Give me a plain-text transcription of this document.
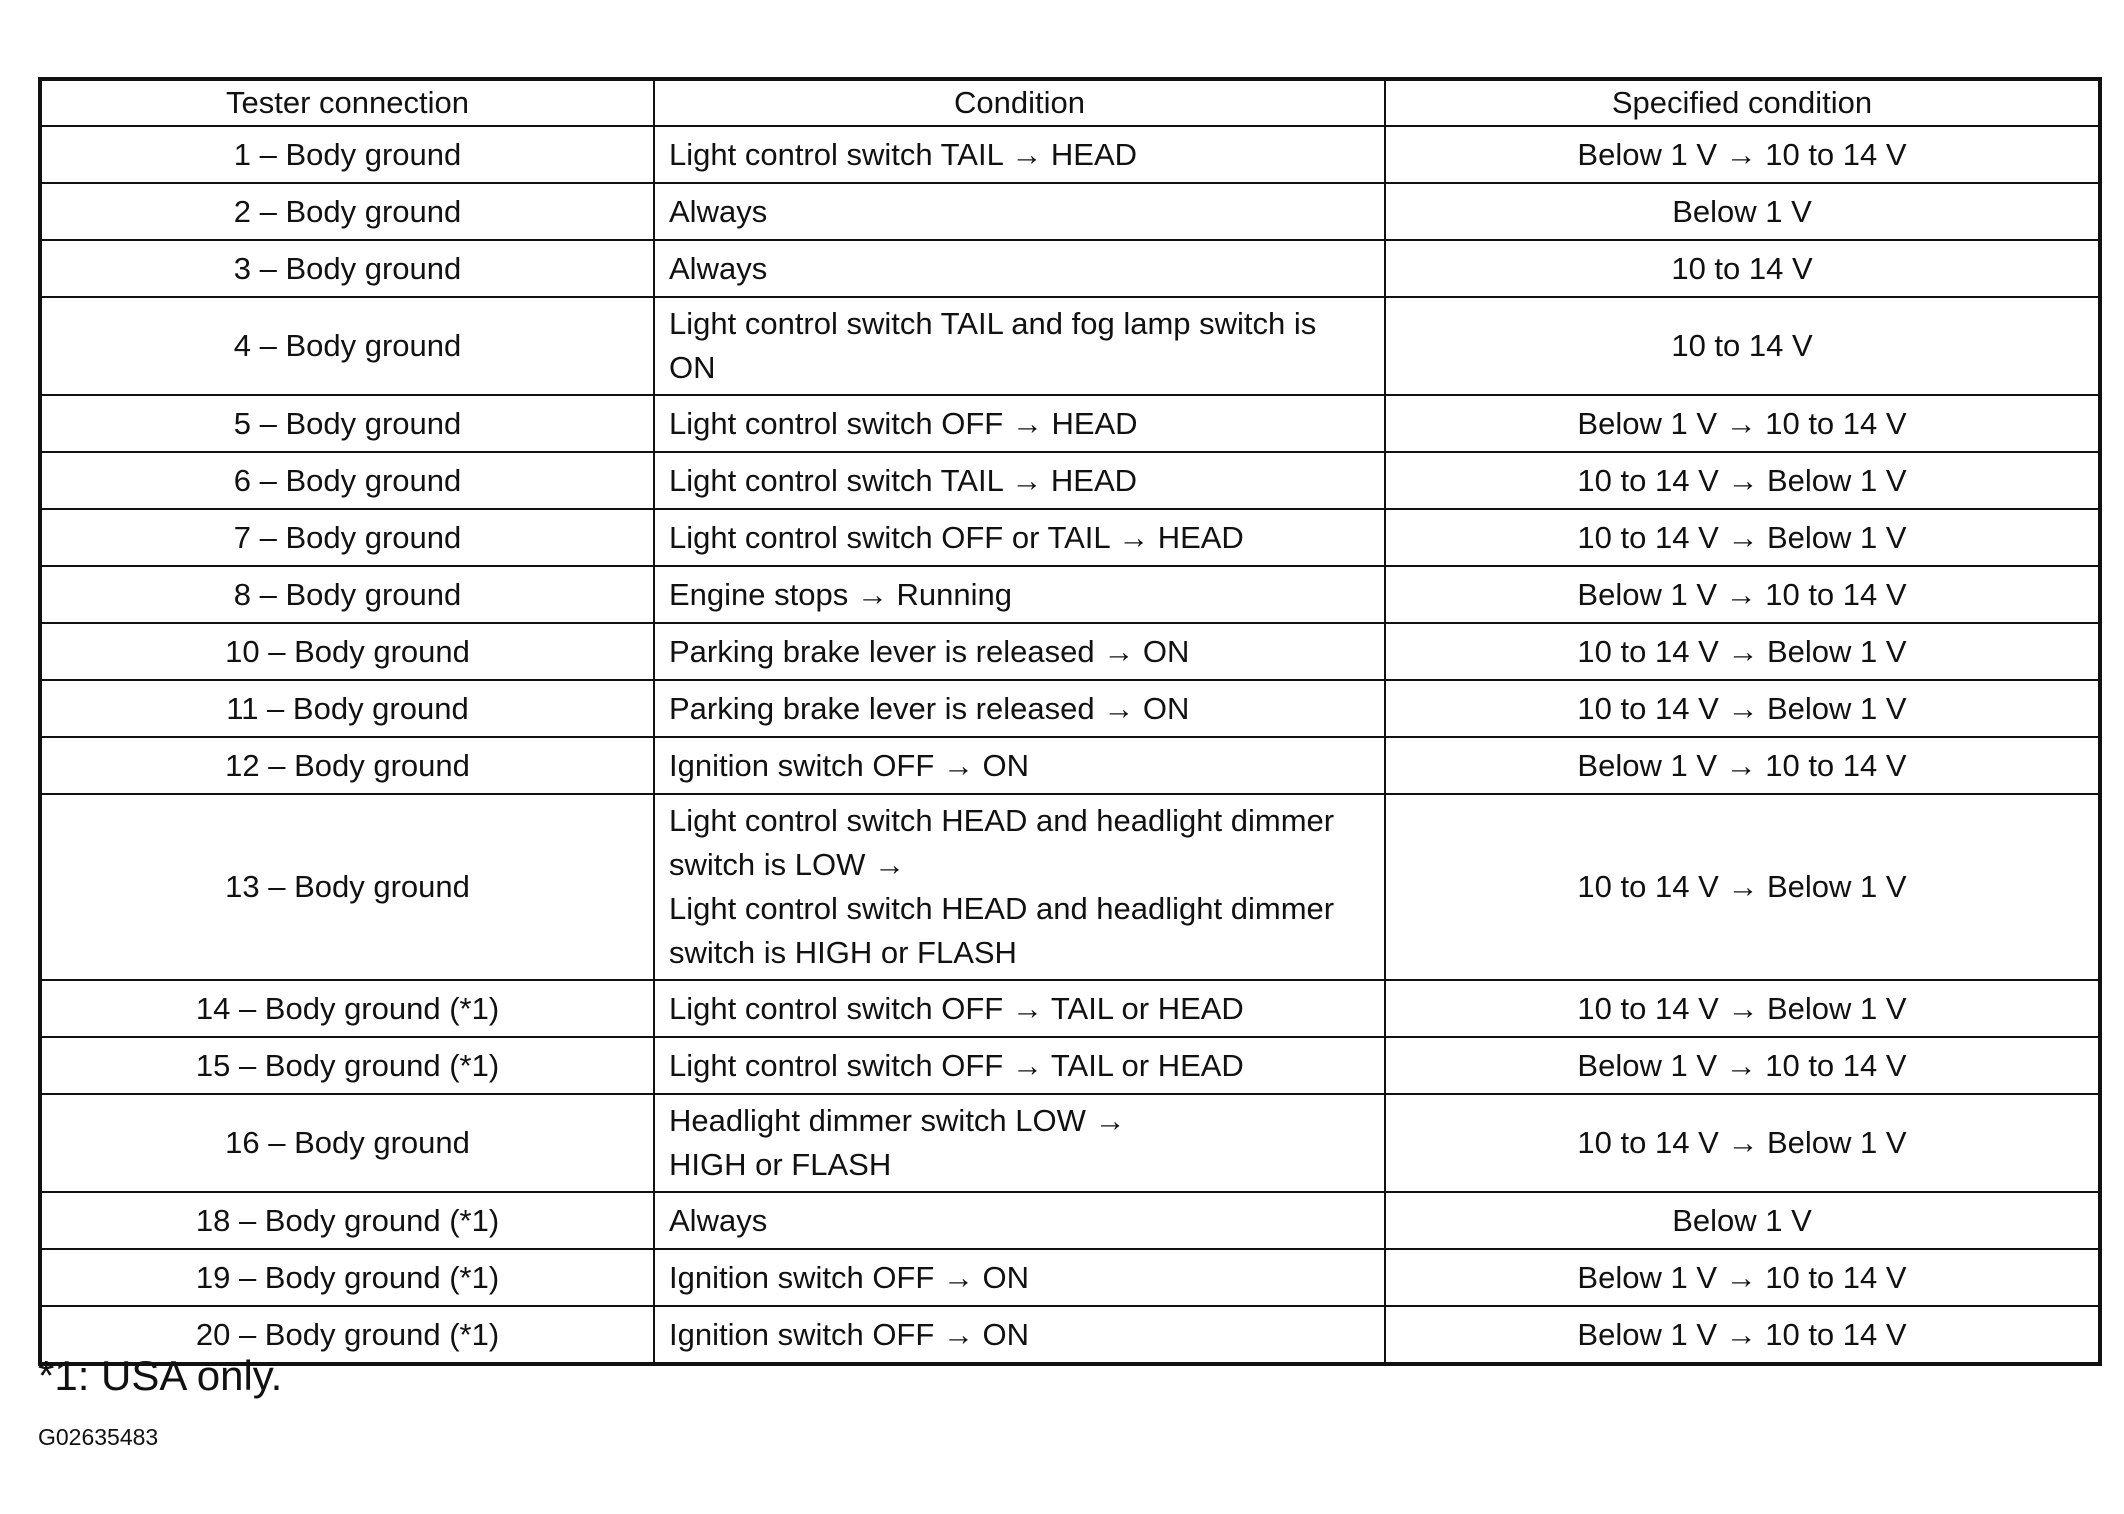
Tester connection	Condition	Specified condition
1 – Body ground	Light control switch TAIL → HEAD	Below 1 V → 10 to 14 V
2 – Body ground	Always	Below 1 V
3 – Body ground	Always	10 to 14 V
4 – Body ground	Light control switch TAIL and fog lamp switch is
ON	10 to 14 V
5 – Body ground	Light control switch OFF → HEAD	Below 1 V → 10 to 14 V
6 – Body ground	Light control switch TAIL → HEAD	10 to 14 V → Below 1 V
7 – Body ground	Light control switch OFF or TAIL → HEAD	10 to 14 V → Below 1 V
8 – Body ground	Engine stops → Running	Below 1 V → 10 to 14 V
10 – Body ground	Parking brake lever is released → ON	10 to 14 V → Below 1 V
11 – Body ground	Parking brake lever is released → ON	10 to 14 V → Below 1 V
12 – Body ground	Ignition switch OFF → ON	Below 1 V → 10 to 14 V
13 – Body ground	Light control switch HEAD and headlight dimmer
switch is LOW →
Light control switch HEAD and headlight dimmer
switch is HIGH or FLASH	10 to 14 V → Below 1 V
14 – Body ground (*1)	Light control switch OFF → TAIL or HEAD	10 to 14 V → Below 1 V
15 – Body ground (*1)	Light control switch OFF → TAIL or HEAD	Below 1 V → 10 to 14 V
16 – Body ground	Headlight dimmer switch LOW →
HIGH or FLASH	10 to 14 V → Below 1 V
18 – Body ground (*1)	Always	Below 1 V
19 – Body ground (*1)	Ignition switch OFF → ON	Below 1 V → 10 to 14 V
20 – Body ground (*1)	Ignition switch OFF → ON	Below 1 V → 10 to 14 V
*1: USA only.
G02635483
